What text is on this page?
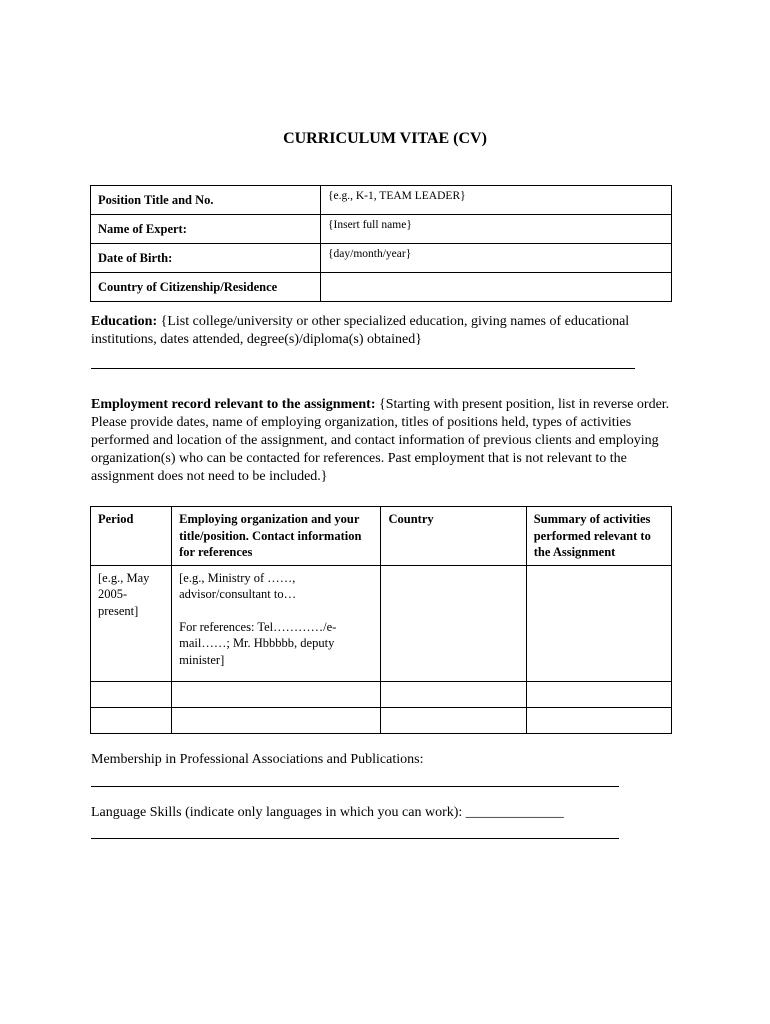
CURRICULUM VITAE (CV)
Position Title and No.	{e.g., K-1, TEAM LEADER}
Name of Expert:	{Insert full name}
Date of Birth:	{day/month/year}
Country of Citizenship/Residence	
Education: {List college/university or other specialized education, giving names of educational institutions, dates attended, degree(s)/diploma(s) obtained}
Employment record relevant to the assignment: {Starting with present position, list in reverse order. Please provide dates, name of employing organization, titles of positions held, types of activities performed and location of the assignment, and contact information of previous clients and employing organization(s) who can be contacted for references. Past employment that is not relevant to the assignment does not need to be included.}
Period	Employing organization and your title/position. Contact information for references	Country	Summary of activities performed relevant to the Assignment
[e.g., May 2005-present]	[e.g., Ministry of ……, advisor/consultant to…
For references: Tel…………/e-mail……; Mr. Hbbbbb, deputy minister]		

Membership in Professional Associations and Publications:
Language Skills (indicate only languages in which you can work): ______________
